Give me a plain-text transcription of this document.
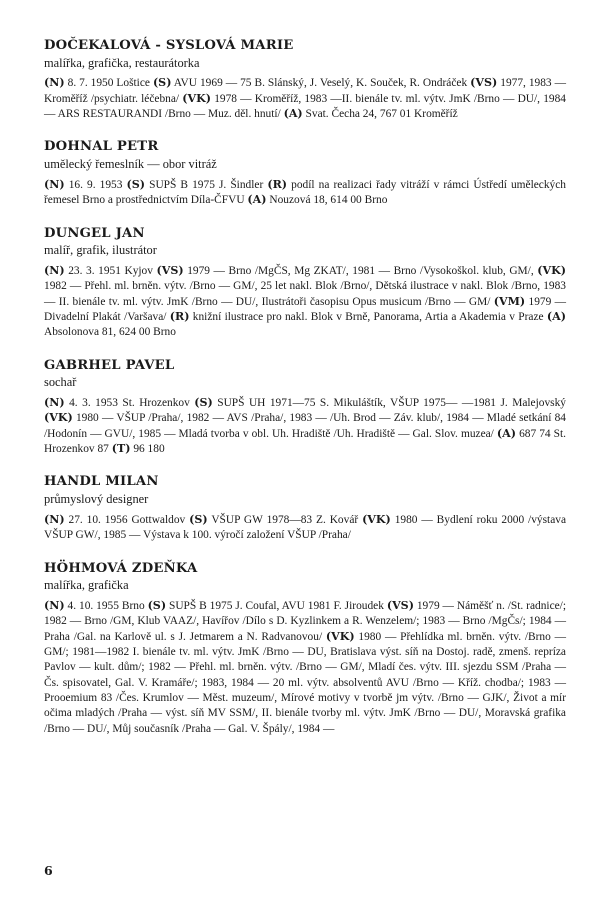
DOČEKALOVÁ - SYSLOVÁ MARIE

malířka, grafička, restaurátorka

(N) 8. 7. 1950 Loštice (S) AVU 1969 — 75 B. Slánský, J. Veselý, K. Souček, R. Ondráček (VS) 1977, 1983 — Kroměříž /psychiatr. léčebna/ (VK) 1978 — Kroměříž, 1983 —II. bienále tv. ml. výtv. JmK /Brno — DU/, 1984 — ARS RESTAURANDI /Brno — Muz. děl. hnutí/ (A) Svat. Čecha 24, 767 01 Kroměříž

DOHNAL PETR

umělecký řemeslník — obor vitráž

(N) 16. 9. 1953 (S) SUPŠ B 1975 J. Šindler (R) podíl na realizaci řady vitráží v rámci Ústředí uměleckých řemesel Brno a prostřednictvím Díla-ČFVU (A) Nouzová 18, 614 00 Brno

DUNGEL JAN

malíř, grafik, ilustrátor

(N) 23. 3. 1951 Kyjov (VS) 1979 — Brno /MgČS, Mg ZKAT/, 1981 — Brno /Vysokoškol. klub, GM/, (VK) 1982 — Přehl. ml. brněn. výtv. /Brno — GM/, 25 let nakl. Blok /Brno/, Dětská ilustrace v nakl. Blok /Brno, 1983 — II. bienále tv. ml. výtv. JmK /Brno — DU/, Ilustrátoři časopisu Opus musicum /Brno — GM/ (VM) 1979 — Divadelní Plakát /Varšava/ (R) knižní ilustrace pro nakl. Blok v Brně, Panorama, Artia a Akademia v Praze (A) Absolonova 81, 624 00 Brno

GABRHEL PAVEL

sochař

(N) 4. 3. 1953 St. Hrozenkov (S) SUPŠ UH 1971—75 S. Mikuláštík, VŠUP 1975— —1981 J. Malejovský (VK) 1980 — VŠUP /Praha/, 1982 — AVS /Praha/, 1983 — /Uh. Brod — Záv. klub/, 1984 — Mladé setkání 84 /Hodonín — GVU/, 1985 — Mladá tvorba v obl. Uh. Hradiště /Uh. Hradiště — Gal. Slov. muzea/ (A) 687 74 St. Hrozenkov 87 (T) 96 180

HANDL MILAN

průmyslový designer

(N) 27. 10. 1956 Gottwaldov (S) VŠUP GW 1978—83 Z. Kovář (VK) 1980 — Bydlení roku 2000 /výstava VŠUP GW/, 1985 — Výstava k 100. výročí založení VŠUP /Praha/

HÖHMOVÁ ZDEŇKA

malířka, grafička

(N) 4. 10. 1955 Brno (S) SUPŠ B 1975 J. Coufal, AVU 1981 F. Jiroudek (VS) 1979 — Náměšť n. /St. radnice/; 1982 — Brno /GM, Klub VAAZ/, Havířov /Dílo s D. Kyzlinkem a R. Wenzelem/; 1983 — Brno /MgČs/; 1984 — Praha /Gal. na Karlově ul. s J. Jetmarem a N. Radvanovou/ (VK) 1980 — Přehlídka ml. brněn. výtv. /Brno — GM/; 1981—1982 I. bienále tv. ml. výtv. JmK /Brno — DU, Bratislava výst. síň na Dostoj. radě, zmenš. repríza Pavlov — kult. dům/; 1982 — Přehl. ml. brněn. výtv. /Brno — GM/, Mladí čes. výtv. III. sjezdu SSM /Praha — Čs. spisovatel, Gal. V. Kramáře/; 1983, 1984 — 20 ml. výtv. absolventů AVU /Brno — Kříž. chodba/; 1983 — Prooemium 83 /Čes. Krumlov — Měst. muzeum/, Mírové motivy v tvorbě jm výtv. /Brno — GJK/, Život a mír očima mladých /Praha — výst. síň MV SSM/, II. bienále tvorby ml. výtv. JmK /Brno — DU/, Moravská grafika /Brno — DU/, Můj současník /Praha — Gal. V. Špály/, 1984 —

6
